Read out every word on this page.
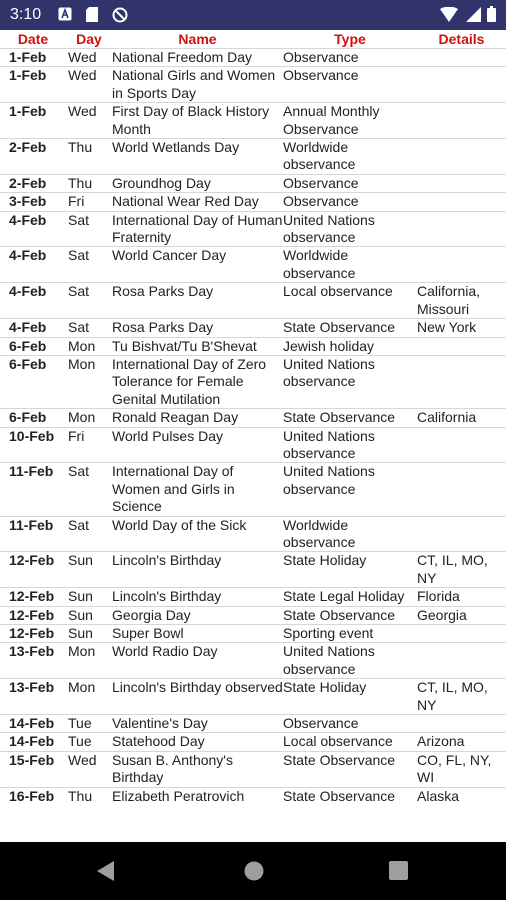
3:10
Date	Day	Name	Type	Details
1-Feb	Wed	National Freedom Day	Observance	
1-Feb	Wed	National Girls and Women in Sports Day	Observance	
1-Feb	Wed	First Day of Black History Month	Annual Monthly Observance	
2-Feb	Thu	World Wetlands Day	Worldwide observance	
2-Feb	Thu	Groundhog Day	Observance	
3-Feb	Fri	National Wear Red Day	Observance	
4-Feb	Sat	International Day of Human Fraternity	United Nations observance	
4-Feb	Sat	World Cancer Day	Worldwide observance	
4-Feb	Sat	Rosa Parks Day	Local observance	California, Missouri
4-Feb	Sat	Rosa Parks Day	State Observance	New York
6-Feb	Mon	Tu Bishvat/Tu B'Shevat	Jewish holiday	
6-Feb	Mon	International Day of Zero Tolerance for Female Genital Mutilation	United Nations observance	
6-Feb	Mon	Ronald Reagan Day	State Observance	California
10-Feb	Fri	World Pulses Day	United Nations observance	
11-Feb	Sat	International Day of Women and Girls in Science	United Nations observance	
11-Feb	Sat	World Day of the Sick	Worldwide observance	
12-Feb	Sun	Lincoln's Birthday	State Holiday	CT, IL, MO, NY
12-Feb	Sun	Lincoln's Birthday	State Legal Holiday	Florida
12-Feb	Sun	Georgia Day	State Observance	Georgia
12-Feb	Sun	Super Bowl	Sporting event	
13-Feb	Mon	World Radio Day	United Nations observance	
13-Feb	Mon	Lincoln's Birthday observed	State Holiday	CT, IL, MO, NY
14-Feb	Tue	Valentine's Day	Observance	
14-Feb	Tue	Statehood Day	Local observance	Arizona
15-Feb	Wed	Susan B. Anthony's Birthday	State Observance	CO, FL, NY, WI
16-Feb	Thu	Elizabeth Peratrovich	State Observance	Alaska
